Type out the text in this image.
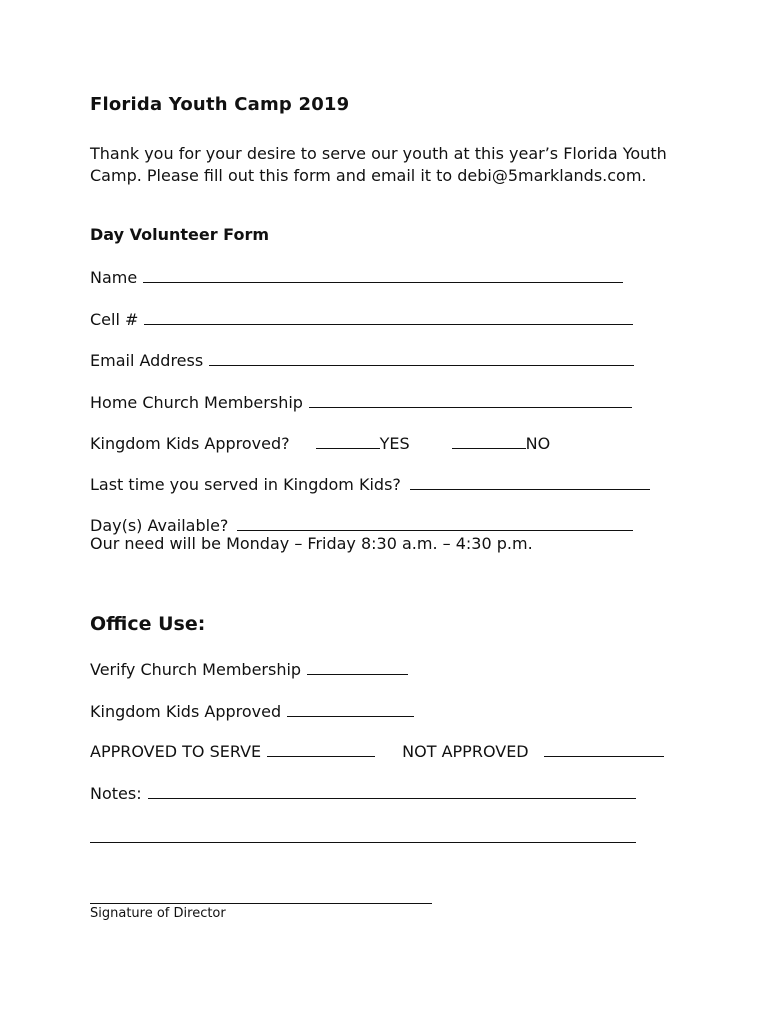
Florida Youth Camp 2019
Thank you for your desire to serve our youth at this year’s Florida Youth
Camp. Please fill out this form and email it to debi@5marklands.com.
Day Volunteer Form
Name
Cell #
Email Address
Home Church Membership
Kingdom Kids Approved?	YES	NO
Last time you served in Kingdom Kids?
Day(s) Available?
Our need will be Monday – Friday 8:30 a.m. – 4:30 p.m.
Office Use:
Verify Church Membership
Kingdom Kids Approved
APPROVED TO SERVE	NOT APPROVED
Notes:
Signature of Director
